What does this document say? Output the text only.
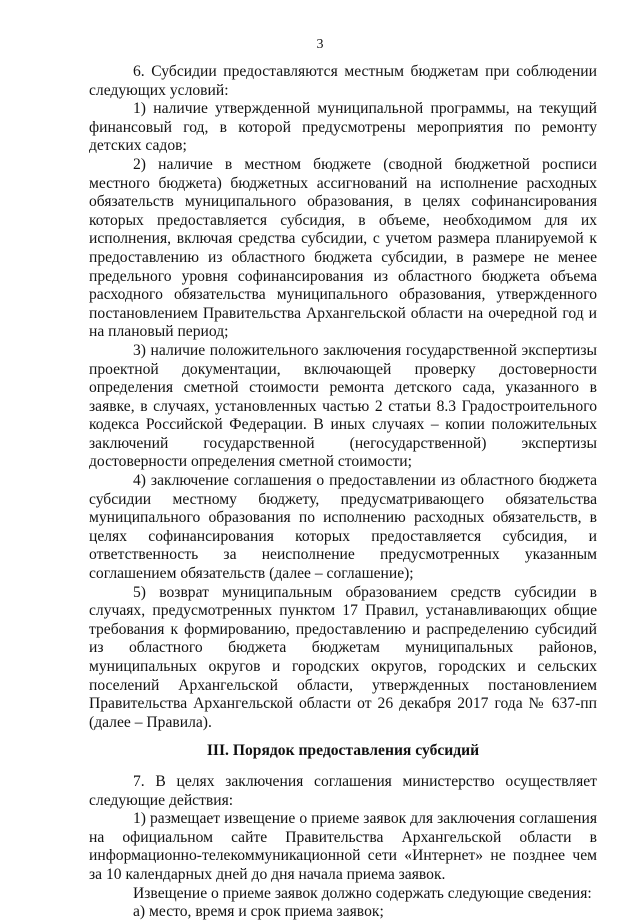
3

6. Субсидии предоставляются местным бюджетам при соблюдении следующих условий:

1) наличие утвержденной муниципальной программы, на текущий финансовый год, в которой предусмотрены мероприятия по ремонту детских садов;

2) наличие в местном бюджете (сводной бюджетной росписи местного бюджета) бюджетных ассигнований на исполнение расходных обязательств муниципального образования, в целях софинансирования которых предоставляется субсидия, в объеме, необходимом для их исполнения, включая средства субсидии, с учетом размера планируемой к предоставлению из областного бюджета субсидии, в размере не менее предельного уровня софинансирования из областного бюджета объема расходного обязательства муниципального образования, утвержденного постановлением Правительства Архангельской области на очередной год и на плановый период;

3) наличие положительного заключения государственной экспертизы проектной документации, включающей проверку достоверности определения сметной стоимости ремонта детского сада, указанного в заявке, в случаях, установленных частью 2 статьи 8.3 Градостроительного кодекса Российской Федерации. В иных случаях – копии положительных заключений государственной (негосударственной) экспертизы достоверности определения сметной стоимости;

4) заключение соглашения о предоставлении из областного бюджета субсидии местному бюджету, предусматривающего обязательства муниципального образования по исполнению расходных обязательств, в целях софинансирования которых предоставляется субсидия, и ответственность за неисполнение предусмотренных указанным соглашением обязательств (далее – соглашение);

5) возврат муниципальным образованием средств субсидии в случаях, предусмотренных пунктом 17 Правил, устанавливающих общие требования к формированию, предоставлению и распределению субсидий из областного бюджета бюджетам муниципальных районов, муниципальных округов и городских округов, городских и сельских поселений Архангельской области, утвержденных постановлением Правительства Архангельской области от 26 декабря 2017 года № 637-пп (далее – Правила).

III. Порядок предоставления субсидий

7. В целях заключения соглашения министерство осуществляет следующие действия:

1) размещает извещение о приеме заявок для заключения соглашения на официальном сайте Правительства Архангельской области в информационно-телекоммуникационной сети «Интернет» не позднее чем за 10 календарных дней до дня начала приема заявок.

Извещение о приеме заявок должно содержать следующие сведения:

а) место, время и срок приема заявок;
